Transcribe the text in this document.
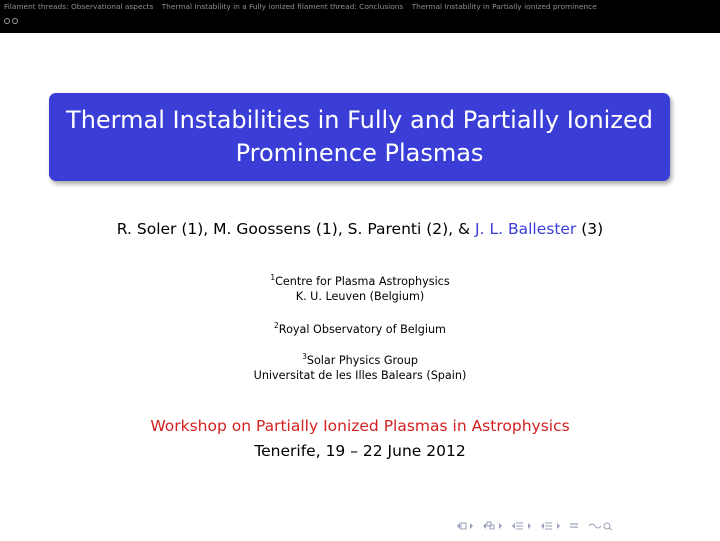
Filament threads: Observational aspects Thermal Instability in a Fully ionized filament thread: Conclusions Thermal Instability in Partially ionized prominence
Thermal Instabilities in Fully and Partially Ionized
Prominence Plasmas
R. Soler (1), M. Goossens (1), S. Parenti (2), & J. L. Ballester (3)
$^1$Centre for Plasma Astrophysics
K. U. Leuven (Belgium)
$^2$Royal Observatory of Belgium
$^3$Solar Physics Group
Universitat de les Illes Balears (Spain)
Workshop on Partially Ionized Plasmas in Astrophysics
Tenerife, 19 – 22 June 2012
